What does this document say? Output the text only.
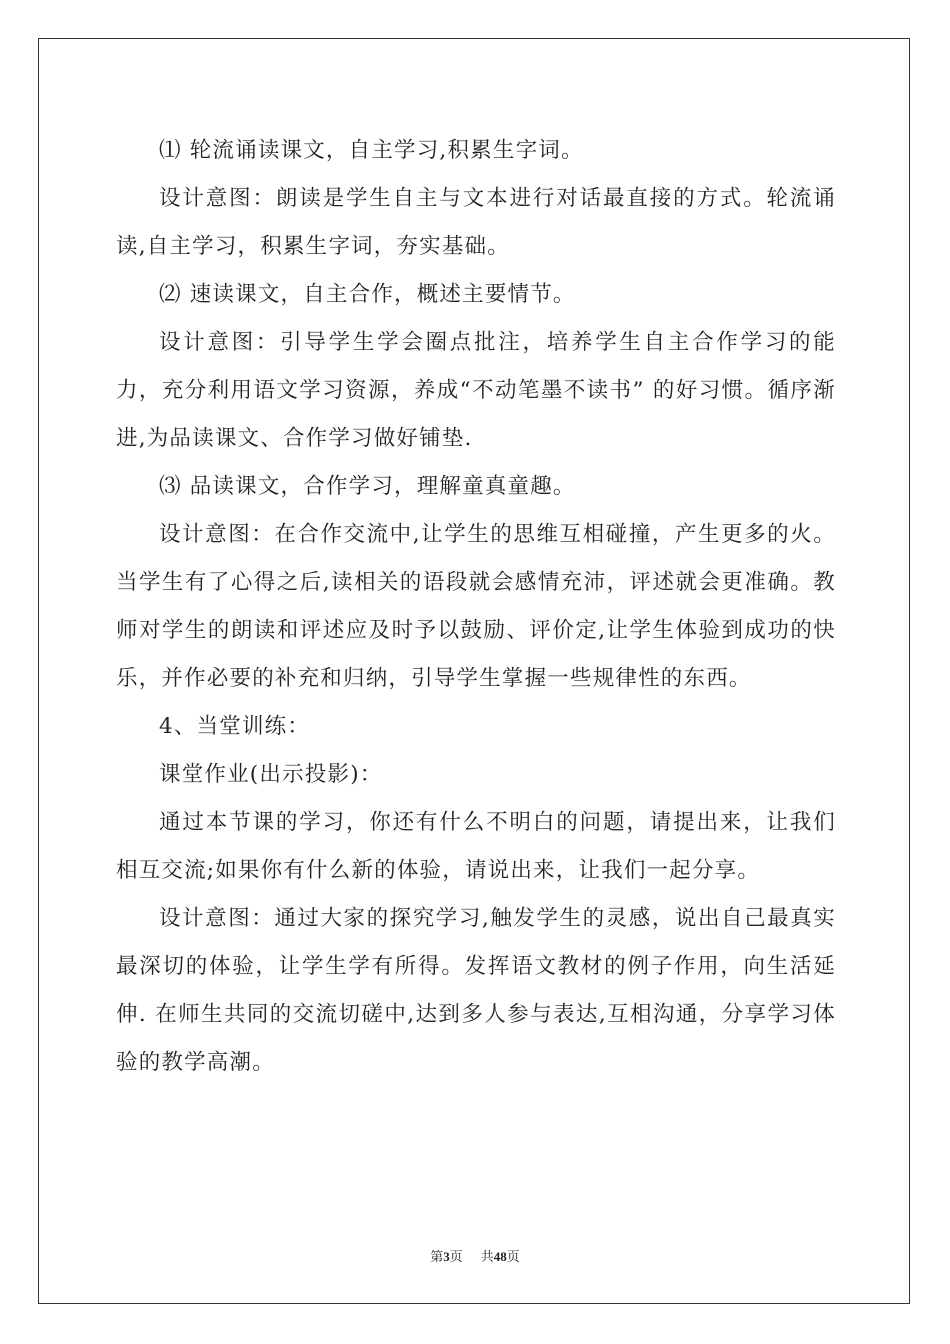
⑴ 轮流诵读课文，自主学习,积累生字词。

设计意图：朗读是学生自主与文本进行对话最直接的方式。轮流诵读,自主学习，积累生字词，夯实基础。

⑵ 速读课文，自主合作，概述主要情节。

设计意图：引导学生学会圈点批注，培养学生自主合作学习的能力，充分利用语文学习资源，养成“不动笔墨不读书” 的好习惯。循序渐进,为品读课文、合作学习做好铺垫.

⑶ 品读课文，合作学习，理解童真童趣。

设计意图：在合作交流中,让学生的思维互相碰撞，产生更多的火。当学生有了心得之后,读相关的语段就会感情充沛，评述就会更准确。教师对学生的朗读和评述应及时予以鼓励、评价定,让学生体验到成功的快乐，并作必要的补充和归纳，引导学生掌握一些规律性的东西。

4、当堂训练：

课堂作业(出示投影)：

通过本节课的学习，你还有什么不明白的问题，请提出来，让我们相互交流;如果你有什么新的体验，请说出来，让我们一起分享。

设计意图：通过大家的探究学习,触发学生的灵感，说出自己最真实最深切的体验，让学生学有所得。发挥语文教材的例子作用，向生活延伸. 在师生共同的交流切磋中,达到多人参与表达,互相沟通，分享学习体验的教学高潮。

第3页 共48页
